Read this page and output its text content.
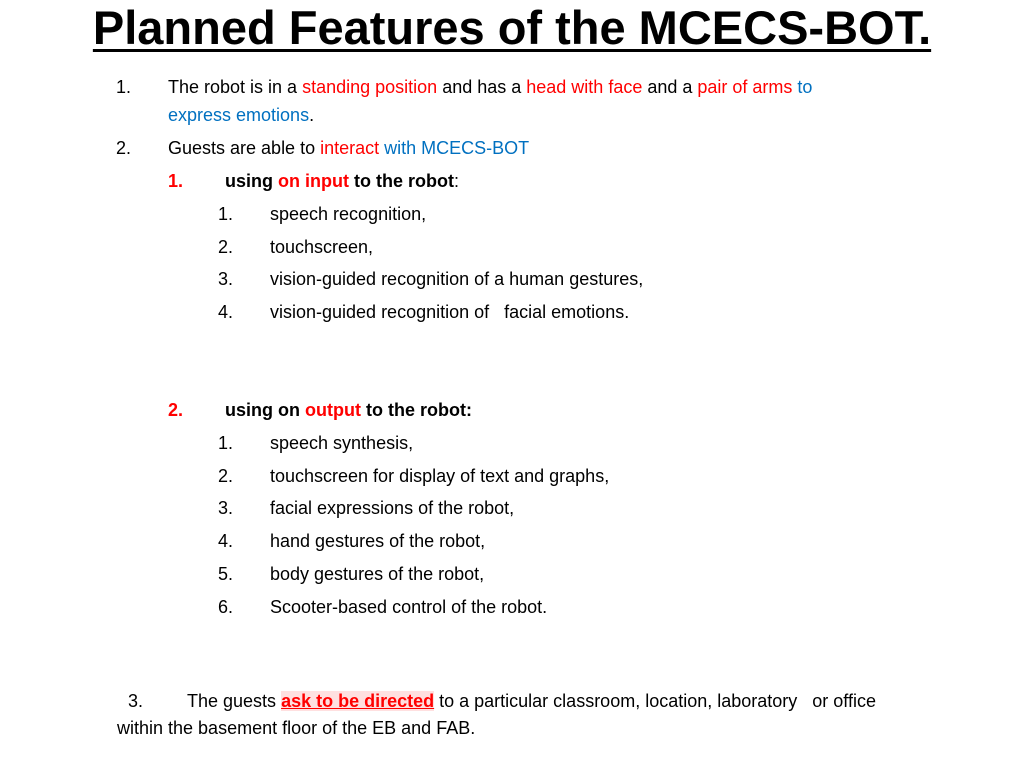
Planned Features of the MCECS-BOT.
1. The robot is in a standing position and has a head with face and a pair of arms to
express emotions.
2. Guests are able to interact with MCECS-BOT
1. using on input to the robot:
1. speech recognition,
2. touchscreen,
3. vision-guided recognition of a human gestures,
4. vision-guided recognition of   facial emotions.
2. using on output to the robot:
1. speech synthesis,
2. touchscreen for display of text and graphs,
3. facial expressions of the robot,
4. hand gestures of the robot,
5. body gestures of the robot,
6. Scooter-based control of the robot.
3. The guests ask to be directed to a particular classroom, location, laboratory   or office
within the basement floor of the EB and FAB.
